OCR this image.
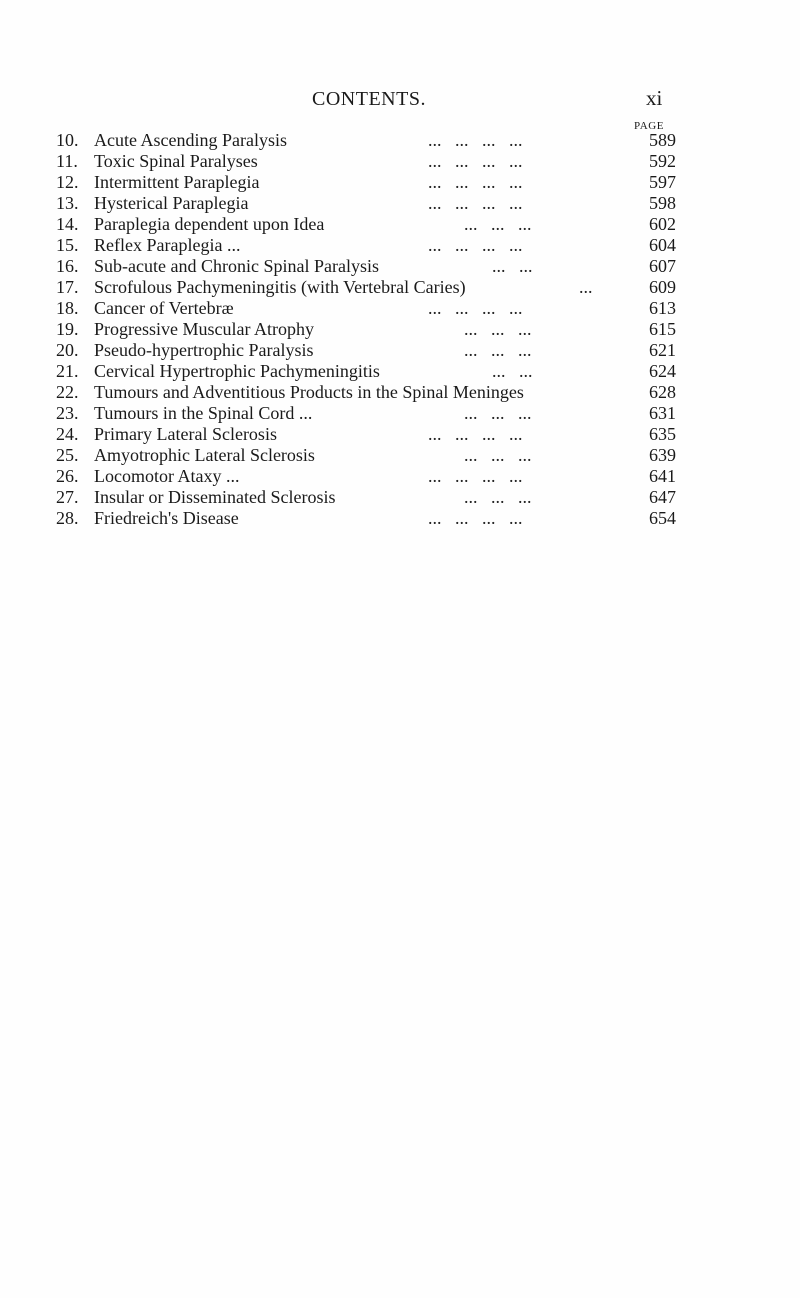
CONTENTS.	xi
PAGE
10. Acute Ascending Paralysis	...   ...   ...   ...	589
11. Toxic Spinal Paralyses	...   ...   ...   ...	592
12. Intermittent Paraplegia	...   ...   ...   ...	597
13. Hysterical Paraplegia	...   ...   ...   ...	598
14. Paraplegia dependent upon Idea	...   ...   ...	602
15. Reflex Paraplegia ...	...   ...   ...   ...	604
16. Sub-acute and Chronic Spinal Paralysis	...   ...	607
17. Scrofulous Pachymeningitis (with Vertebral Caries)	...	609
18. Cancer of Vertebræ	...   ...   ...   ...	613
19. Progressive Muscular Atrophy	...   ...   ...	615
20. Pseudo-hypertrophic Paralysis	...   ...   ...	621
21. Cervical Hypertrophic Pachymeningitis	...   ...	624
22. Tumours and Adventitious Products in the Spinal Meninges	628
23. Tumours in the Spinal Cord ...	...   ...   ...	631
24. Primary Lateral Sclerosis	...   ...   ...   ...	635
25. Amyotrophic Lateral Sclerosis	...   ...   ...	639
26. Locomotor Ataxy ...	...   ...   ...   ...	641
27. Insular or Disseminated Sclerosis	...   ...   ...	647
28. Friedreich's Disease	...   ...   ...   ...	654
